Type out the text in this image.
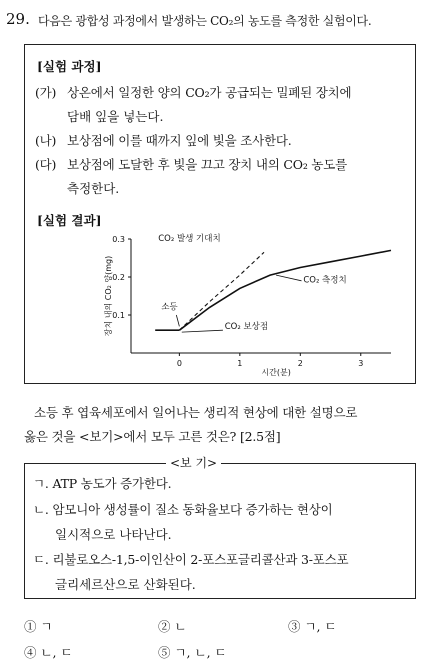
29. 다음은 광합성 과정에서 발생하는 CO₂의 농도를 측정한 실험이다.
[실험 과정]
(가) 상온에서 일정한 양의 CO₂가 공급되는 밀폐된 장치에
담배 잎을 넣는다.
(나) 보상점에 이를 때까지 잎에 빛을 조사한다.
(다) 보상점에 도달한 후 빛을 끄고 장치 내의 CO₂ 농도를
측정한다.
[실험 결과]
0.1
0.2
0.3
0	1	2	3
시간(분)
장치 내의 CO₂ 양(mg)
CO₂ 발생 기대치
CO₂ 측정치
소등
CO₂ 보상점
소등 후 엽육세포에서 일어나는 생리적 현상에 대한 설명으로
옳은 것을 <보기>에서 모두 고른 것은? [2.5점]
ㄱ. ATP 농도가 증가한다.
ㄴ. 암모니아 생성률이 질소 동화율보다 증가하는 현상이
일시적으로 나타난다.
ㄷ. 리불로오스-1,5-이인산이 2-포스포글리콜산과 3-포스포
글리세르산으로 산화된다.
<보 기>
① ㄱ	② ㄴ	③ ㄱ, ㄷ
④ ㄴ, ㄷ	⑤ ㄱ, ㄴ, ㄷ
